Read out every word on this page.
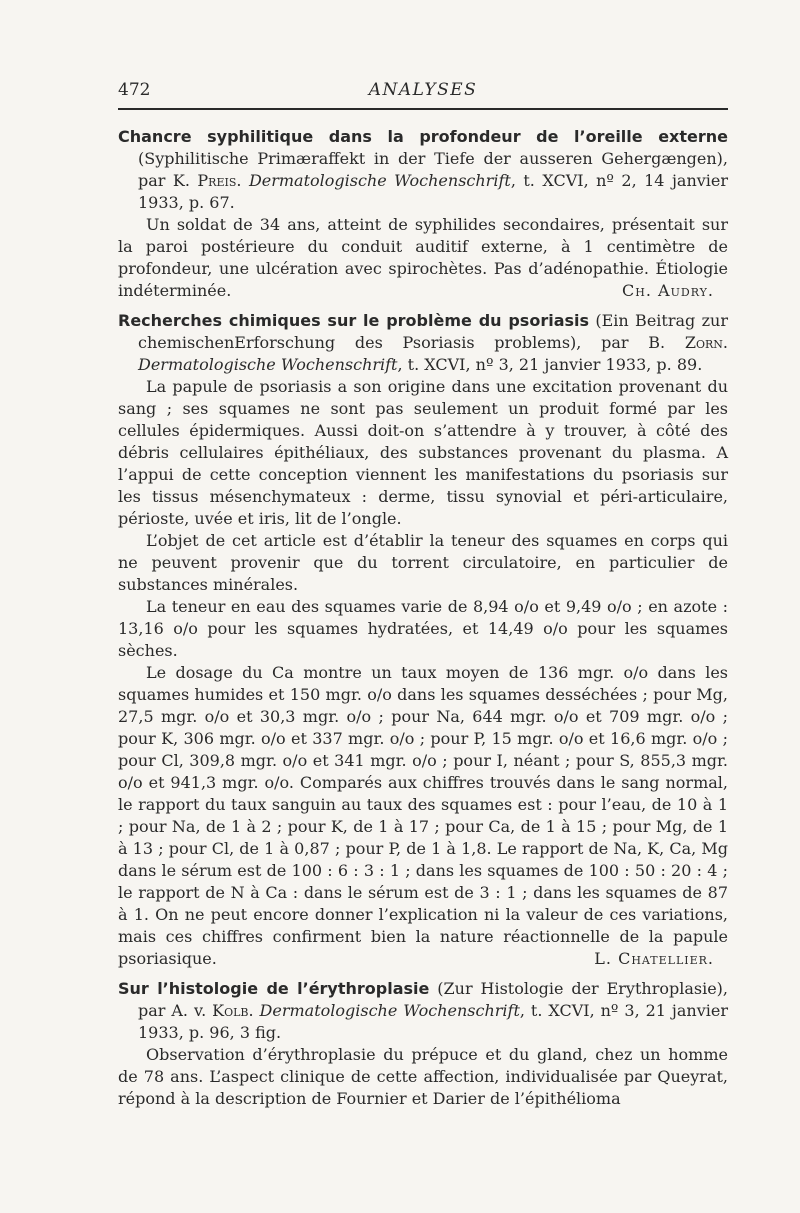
472	ANALYSES

Chancre syphilitique dans la profondeur de l’oreille externe (Syphilitische Primæraffekt in der Tiefe der ausseren Gehergængen), par K. Preis. Dermatologische Wochenschrift, t. XCVI, nº 2, 14 janvier 1933, p. 67.

Un soldat de 34 ans, atteint de syphilides secondaires, présentait sur la paroi postérieure du conduit auditif externe, à 1 centimètre de profondeur, une ulcération avec spirochètes. Pas d’adénopathie. Étiologie indéterminée.	Ch. Audry.

Recherches chimiques sur le problème du psoriasis (Ein Beitrag zur chemischenErforschung des Psoriasis problems), par B. Zorn. Dermatologische Wochenschrift, t. XCVI, nº 3, 21 janvier 1933, p. 89.

La papule de psoriasis a son origine dans une excitation provenant du sang ; ses squames ne sont pas seulement un produit formé par les cellules épidermiques. Aussi doit-on s’attendre à y trouver, à côté des débris cellulaires épithéliaux, des substances provenant du plasma. A l’appui de cette conception viennent les manifestations du psoriasis sur les tissus mésenchymateux : derme, tissu synovial et péri-articulaire, périoste, uvée et iris, lit de l’ongle.

L’objet de cet article est d’établir la teneur des squames en corps qui ne peuvent provenir que du torrent circulatoire, en particulier de substances minérales.

La teneur en eau des squames varie de 8,94 o/o et 9,49 o/o ; en azote : 13,16 o/o pour les squames hydratées, et 14,49 o/o pour les squames sèches.

Le dosage du Ca montre un taux moyen de 136 mgr. o/o dans les squames humides et 150 mgr. o/o dans les squames desséchées ; pour Mg, 27,5 mgr. o/o et 30,3 mgr. o/o ; pour Na, 644 mgr. o/o et 709 mgr. o/o ; pour K, 306 mgr. o/o et 337 mgr. o/o ; pour P, 15 mgr. o/o et 16,6 mgr. o/o ; pour Cl, 309,8 mgr. o/o et 341 mgr. o/o ; pour I, néant ; pour S, 855,3 mgr. o/o et 941,3 mgr. o/o. Comparés aux chiffres trouvés dans le sang normal, le rapport du taux sanguin au taux des squames est : pour l’eau, de 10 à 1 ; pour Na, de 1 à 2 ; pour K, de 1 à 17 ; pour Ca, de 1 à 15 ; pour Mg, de 1 à 13 ; pour Cl, de 1 à 0,87 ; pour P, de 1 à 1,8. Le rapport de Na, K, Ca, Mg dans le sérum est de 100 : 6 : 3 : 1 ; dans les squames de 100 : 50 : 20 : 4 ; le rapport de N à Ca : dans le sérum est de 3 : 1 ; dans les squames de 87 à 1. On ne peut encore donner l’explication ni la valeur de ces variations, mais ces chiffres confirment bien la nature réactionnelle de la papule psoriasique.	L. Chatellier.

Sur l’histologie de l’érythroplasie (Zur Histologie der Erythroplasie), par A. v. Kolb. Dermatologische Wochenschrift, t. XCVI, nº 3, 21 janvier 1933, p. 96, 3 fig.

Observation d’érythroplasie du prépuce et du gland, chez un homme de 78 ans. L’aspect clinique de cette affection, individualisée par Queyrat, répond à la description de Fournier et Darier de l’épithélioma
